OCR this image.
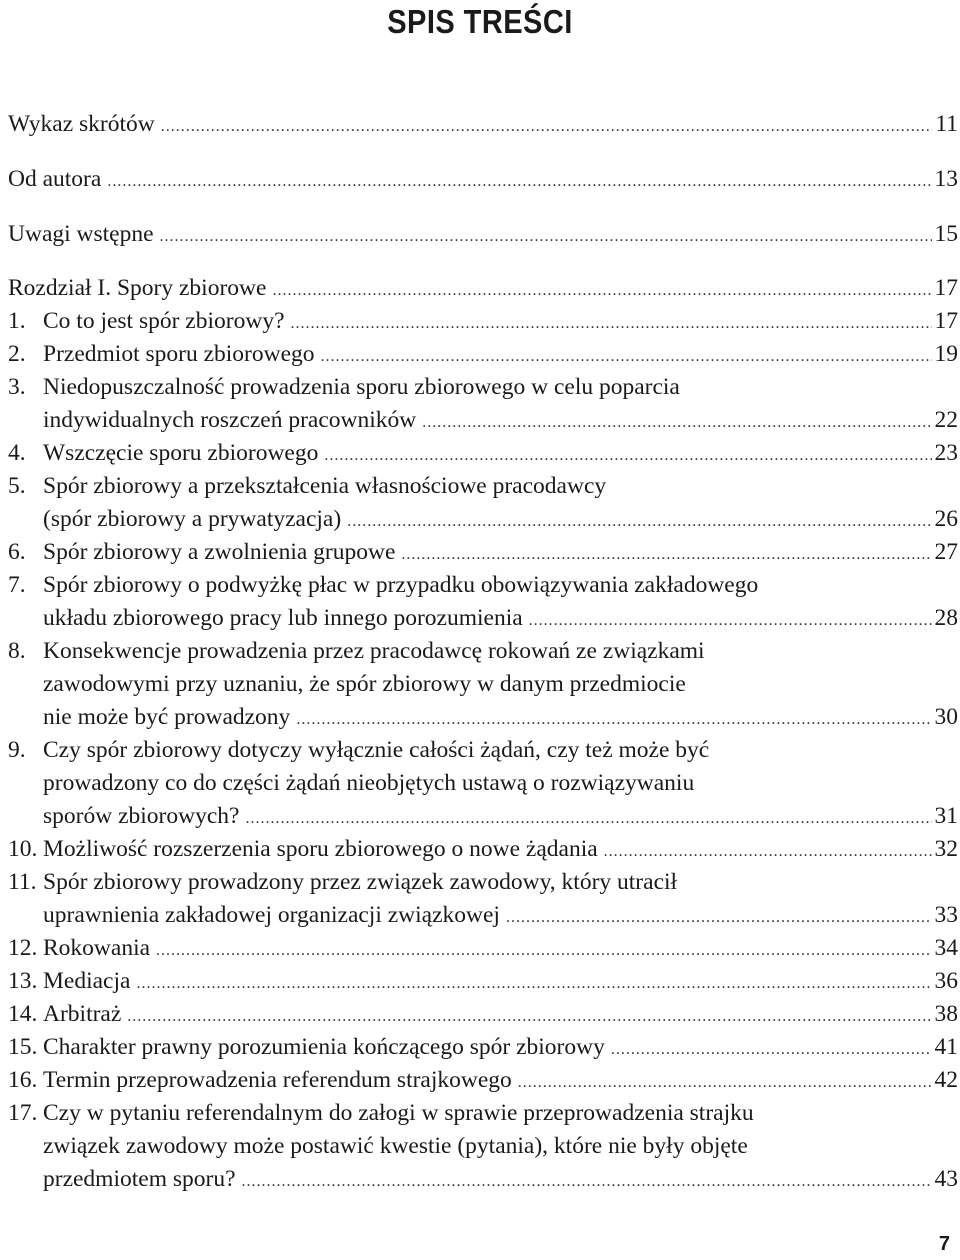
SPIS TREŚCI
Wykaz skrótów .....	11
Od autora .....	13
Uwagi wstępne .....	15
Rozdział I. Spory zbiorowe .....	17
1. Co to jest spór zbiorowy? .....	17
2. Przedmiot sporu zbiorowego .....	19
3. Niedopuszczalność prowadzenia sporu zbiorowego w celu poparcia
indywidualnych roszczeń pracowników .....	22
4. Wszczęcie sporu zbiorowego .....	23
5. Spór zbiorowy a przekształcenia własnościowe pracodawcy
(spór zbiorowy a prywatyzacja) .....	26
6. Spór zbiorowy a zwolnienia grupowe .....	27
7. Spór zbiorowy o podwyżkę płac w przypadku obowiązywania zakładowego
układu zbiorowego pracy lub innego porozumienia .....	28
8. Konsekwencje prowadzenia przez pracodawcę rokowań ze związkami
zawodowymi przy uznaniu, że spór zbiorowy w danym przedmiocie
nie może być prowadzony .....	30
9. Czy spór zbiorowy dotyczy wyłącznie całości żądań, czy też może być
prowadzony co do części żądań nieobjętych ustawą o rozwiązywaniu
sporów zbiorowych? .....	31
10. Możliwość rozszerzenia sporu zbiorowego o nowe żądania .....	32
11. Spór zbiorowy prowadzony przez związek zawodowy, który utracił
uprawnienia zakładowej organizacji związkowej .....	33
12. Rokowania .....	34
13. Mediacja .....	36
14. Arbitraż .....	38
15. Charakter prawny porozumienia kończącego spór zbiorowy .....	41
16. Termin przeprowadzenia referendum strajkowego .....	42
17. Czy w pytaniu referendalnym do załogi w sprawie przeprowadzenia strajku
związek zawodowy może postawić kwestie (pytania), które nie były objęte
przedmiotem sporu? .....	43
7
